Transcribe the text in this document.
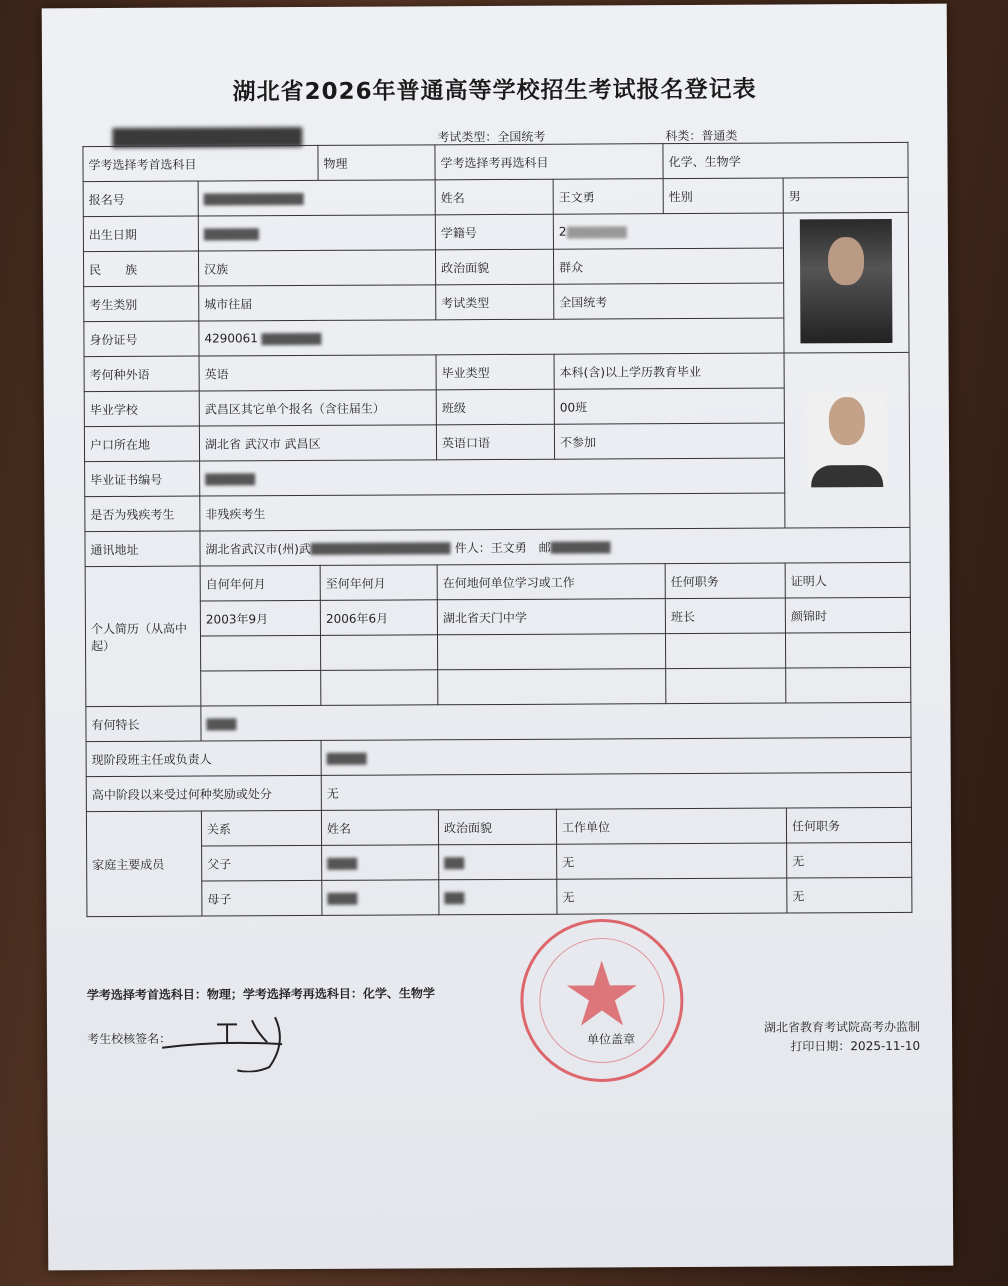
湖北省2026年普通高等学校招生考试报名登记表
考试类型：全国统考	科类：普通类
学考选择考首选科目		物理	学考选择考再选科目		化学、生物学	
报名号			姓名	王文勇	性别	男
出生日期			学籍号	2		

民　　族	汉族		政治面貌	群众		
考生类别	城市往届		考试类型	全国统考		
身份证号	4290061					
考何种外语	英语		毕业类型	本科(含)以上学历教育毕业		

毕业学校	武昌区其它单个报名（含往届生）		班级	00班		
户口所在地	湖北省 武汉市 武昌区		英语口语	不参加		
毕业证书编号						
是否为残疾考生	非残疾考生					
通讯地址	湖北省武汉市(州)武 件人：王文勇　邮					
个人简历（从高中起）	自何年何月	至何年何月	在何地何单位学习或工作		任何职务	证明人
	2003年9月	2006年6月	湖北省天门中学		班长	颜锦时

有何特长						
现阶段班主任或负责人						
高中阶段以来受过何种奖励或处分		无				
家庭主要成员	关系	姓名	政治面貌	工作单位		任何职务
	父子			无		无
	母子			无		无
学考选择考首选科目：物理；学考选择考再选科目：化学、生物学
考生校核签名：	单位盖章
湖北省教育考试院高考办监制
打印日期：2025-11-10
